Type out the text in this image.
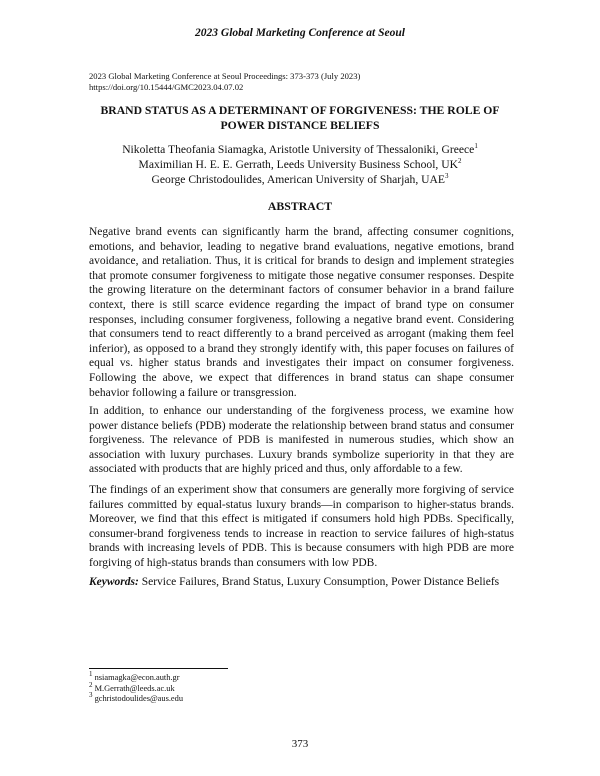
2023 Global Marketing Conference at Seoul
2023 Global Marketing Conference at Seoul Proceedings: 373-373 (July 2023)
https://doi.org/10.15444/GMC2023.04.07.02
BRAND STATUS AS A DETERMINANT OF FORGIVENESS: THE ROLE OF
POWER DISTANCE BELIEFS
Nikoletta Theofania Siamagka, Aristotle University of Thessaloniki, Greece$^1$
Maximilian H. E. E. Gerrath, Leeds University Business School, $UK^2$
George Christodoulides, American University of Sharjah, UAE$^3$
ABSTRACT

Negative brand events can significantly harm the brand, affecting consumer cognitions, emotions, and behavior, leading to negative brand evaluations, negative emotions, brand avoidance, and retaliation. Thus, it is critical for brands to design and implement strategies that promote consumer forgiveness to mitigate those negative consumer responses. Despite the growing literature on the determinant factors of consumer behavior in a brand failure context, there is still scarce evidence regarding the impact of brand type on consumer responses, including consumer forgiveness, following a negative brand event. Considering that consumers tend to react differently to a brand perceived as arrogant (making them feel inferior), as opposed to a brand they strongly identify with, this paper focuses on failures of equal vs. higher status brands and investigates their impact on consumer forgiveness. Following the above, we expect that differences in brand status can shape consumer behavior following a failure or transgression.

In addition, to enhance our understanding of the forgiveness process, we examine how power distance beliefs (PDB) moderate the relationship between brand status and consumer forgiveness. The relevance of PDB is manifested in numerous studies, which show an association with luxury purchases. Luxury brands symbolize superiority in that they are associated with products that are highly priced and thus, only affordable to a few.

The findings of an experiment show that consumers are generally more forgiving of service failures committed by equal-status luxury brands—in comparison to higher-status brands. Moreover, we find that this effect is mitigated if consumers hold high PDBs. Specifically, consumer-brand forgiveness tends to increase in reaction to service failures of high-status brands with increasing levels of PDB. This is because consumers with high PDB are more forgiving of high-status brands than consumers with low PDB.

Keywords: Service Failures, Brand Status, Luxury Consumption, Power Distance Beliefs
$^1$ nsiamagka@econ.auth.gr
$^2$ M.Gerrath@leeds.ac.uk
$^3$ gchristodoulides@aus.edu
373
